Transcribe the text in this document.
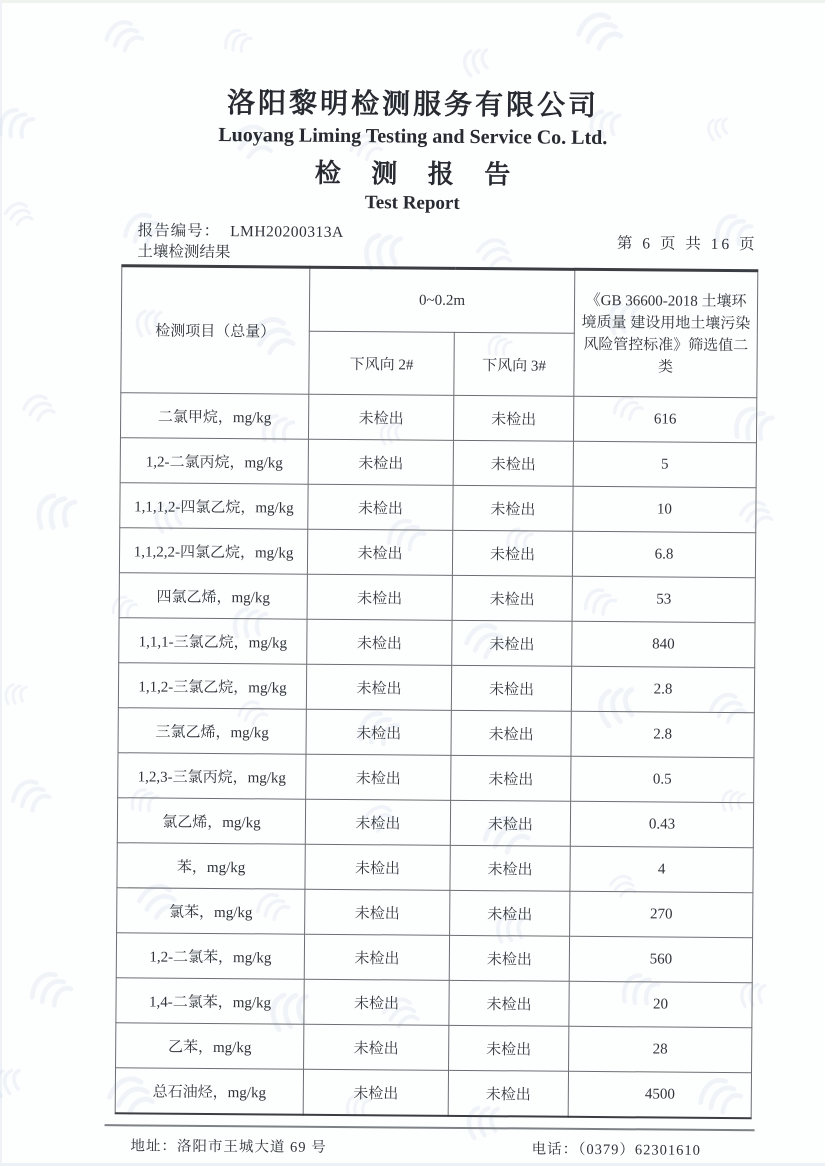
洛阳黎明检测服务有限公司
Luoyang Liming Testing and Service Co. Ltd.
检 测 报 告
Test Report
报告编号： LMH20200313A
土壤检测结果	第 6 页 共 16 页
检测项目（总量）	0~0.2m		《GB 36600-2018 土壤环境质量 建设用地土壤污染风险管控标准》筛选值二类
	下风向 2#	下风向 3#	
二氯甲烷，mg/kg	未检出	未检出	616
1,2-二氯丙烷，mg/kg	未检出	未检出	5
1,1,1,2-四氯乙烷，mg/kg	未检出	未检出	10
1,1,2,2-四氯乙烷，mg/kg	未检出	未检出	6.8
四氯乙烯，mg/kg	未检出	未检出	53
1,1,1-三氯乙烷，mg/kg	未检出	未检出	840
1,1,2-三氯乙烷，mg/kg	未检出	未检出	2.8
三氯乙烯，mg/kg	未检出	未检出	2.8
1,2,3-三氯丙烷，mg/kg	未检出	未检出	0.5
氯乙烯，mg/kg	未检出	未检出	0.43
苯，mg/kg	未检出	未检出	4
氯苯，mg/kg	未检出	未检出	270
1,2-二氯苯，mg/kg	未检出	未检出	560
1,4-二氯苯，mg/kg	未检出	未检出	20
乙苯，mg/kg	未检出	未检出	28
总石油烃，mg/kg	未检出	未检出	4500
地址：洛阳市王城大道 69 号	电话：（0379）62301610
